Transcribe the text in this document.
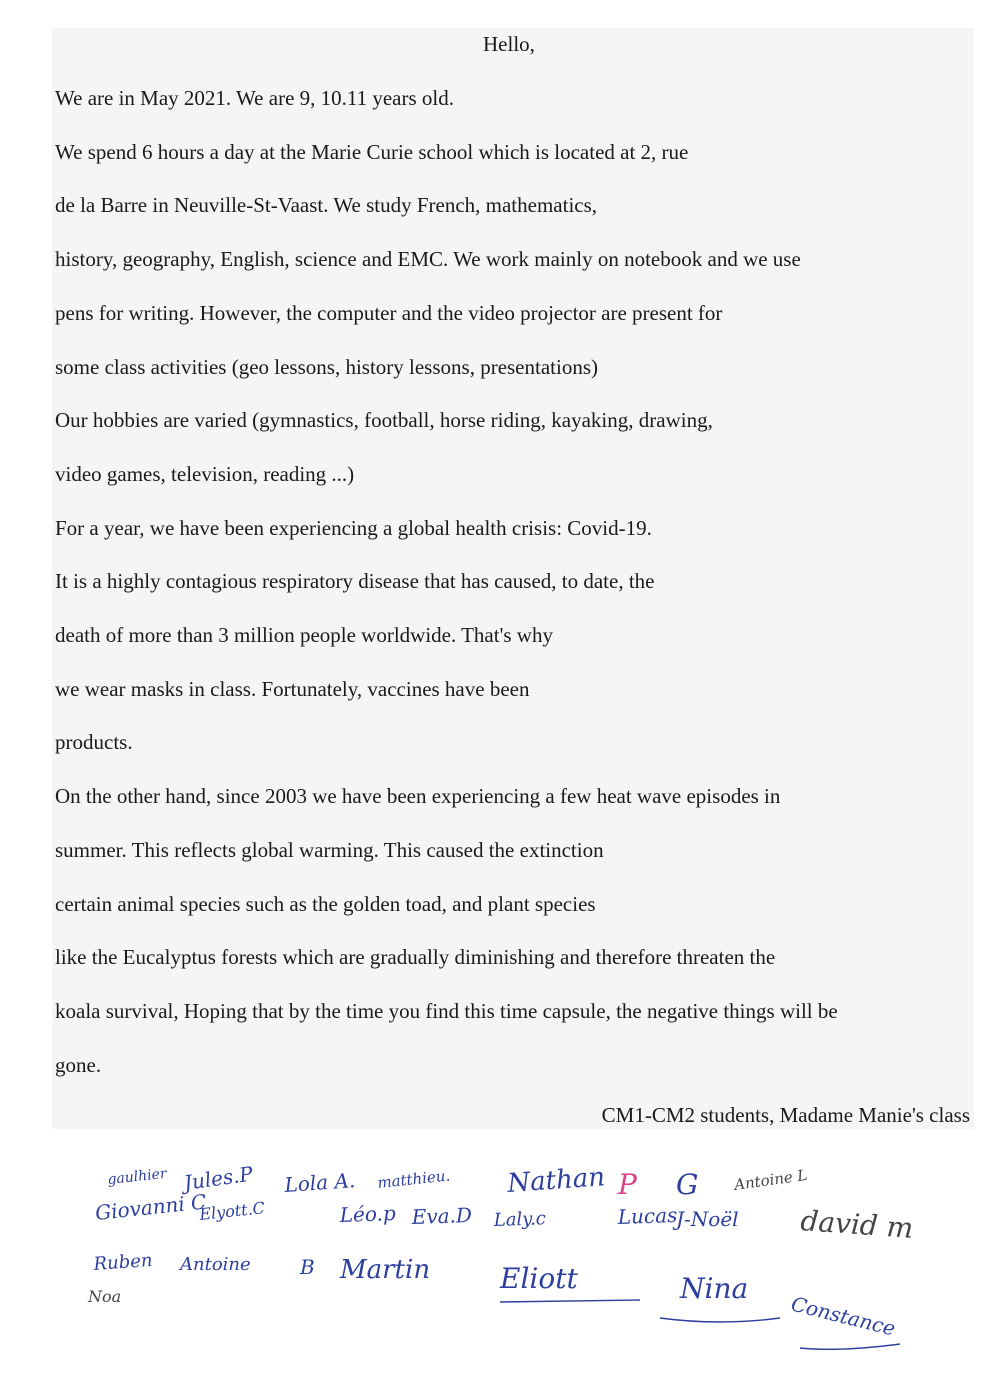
Hello,
We are in May 2021. We are 9, 10.11 years old.
We spend 6 hours a day at the Marie Curie school which is located at 2, rue
de la Barre in Neuville-St-Vaast. We study French, mathematics,
history, geography, English, science and EMC. We work mainly on notebook and we use
pens for writing. However, the computer and the video projector are present for
some class activities (geo lessons, history lessons, presentations)
Our hobbies are varied (gymnastics, football, horse riding, kayaking, drawing,
video games, television, reading ...)
For a year, we have been experiencing a global health crisis: Covid-19.
It is a highly contagious respiratory disease that has caused, to date, the
death of more than 3 million people worldwide. That's why
we wear masks in class. Fortunately, vaccines have been
products.
On the other hand, since 2003 we have been experiencing a few heat wave episodes in
summer. This reflects global warming. This caused the extinction
certain animal species such as the golden toad, and plant species
like the Eucalyptus forests which are gradually diminishing and therefore threaten the
koala survival, Hoping that by the time you find this time capsule, the negative things will be
gone.
CM1-CM2 students, Madame Manie's class
gaulhier Jules.P Lola A. matthieu. Nathan P G Antoine L
Giovanni C
Elyott.C	Léo.p Eva.D Laly.c	Lucas
J-Noël david m
Ruben Antoine B Martin Eliott	Nina
Constance
Noa
